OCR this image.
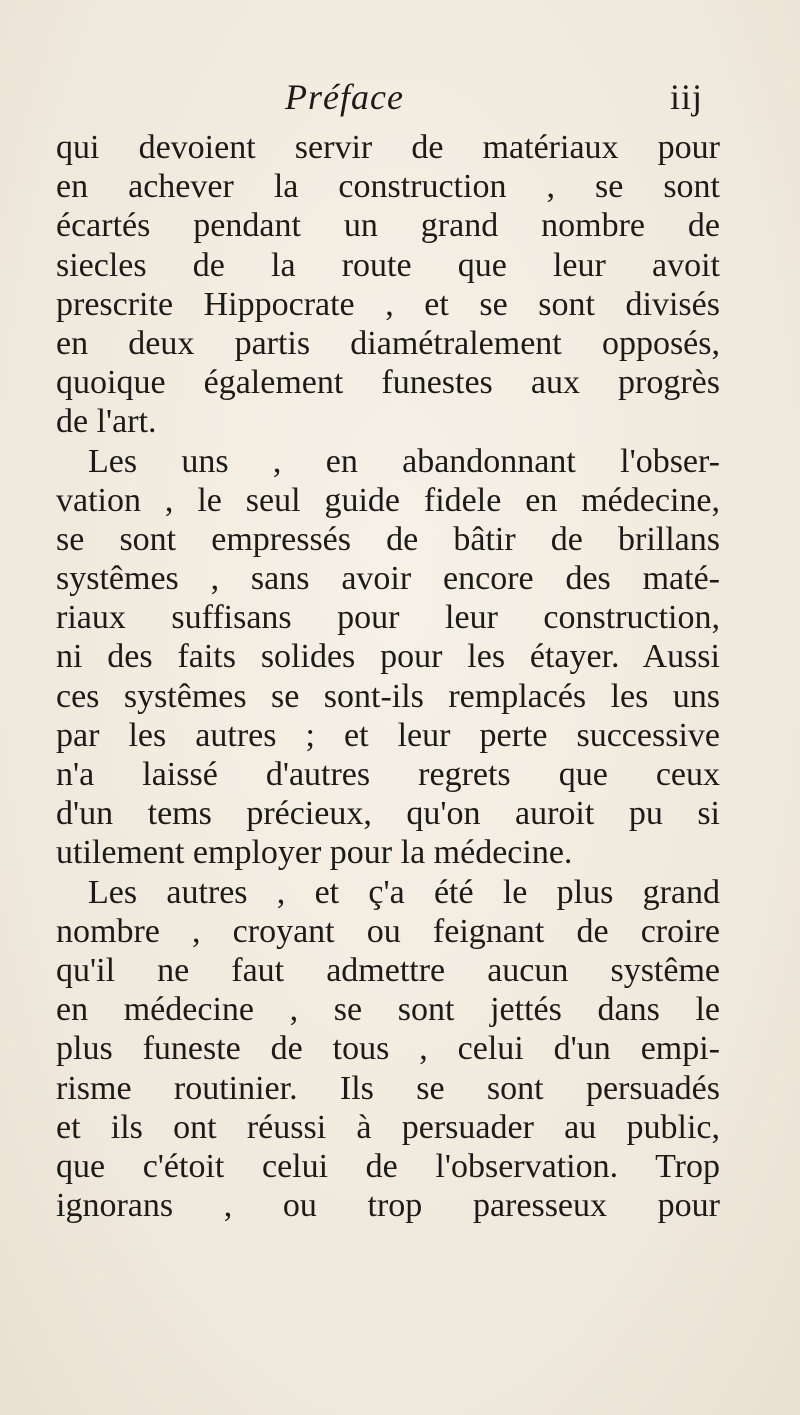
Préface	iij
qui devoient servir de matériaux pour
en achever la construction , se sont
écartés pendant un grand nombre de
siecles de la route que leur avoit
prescrite Hippocrate , et se sont divisés
en deux partis diamétralement opposés,
quoique également funestes aux progrès
de l'art.
Les uns , en abandonnant l'obser-
vation , le seul guide fidele en médecine,
se sont empressés de bâtir de brillans
systêmes , sans avoir encore des maté-
riaux suffisans pour leur construction,
ni des faits solides pour les étayer. Aussi
ces systêmes se sont-ils remplacés les uns
par les autres ; et leur perte successive
n'a laissé d'autres regrets que ceux
d'un tems précieux, qu'on auroit pu si
utilement employer pour la médecine.
Les autres , et ç'a été le plus grand
nombre , croyant ou feignant de croire
qu'il ne faut admettre aucun systême
en médecine , se sont jettés dans le
plus funeste de tous , celui d'un empi-
risme routinier. Ils se sont persuadés
et ils ont réussi à persuader au public,
que c'étoit celui de l'observation. Trop
ignorans , ou trop paresseux pour
